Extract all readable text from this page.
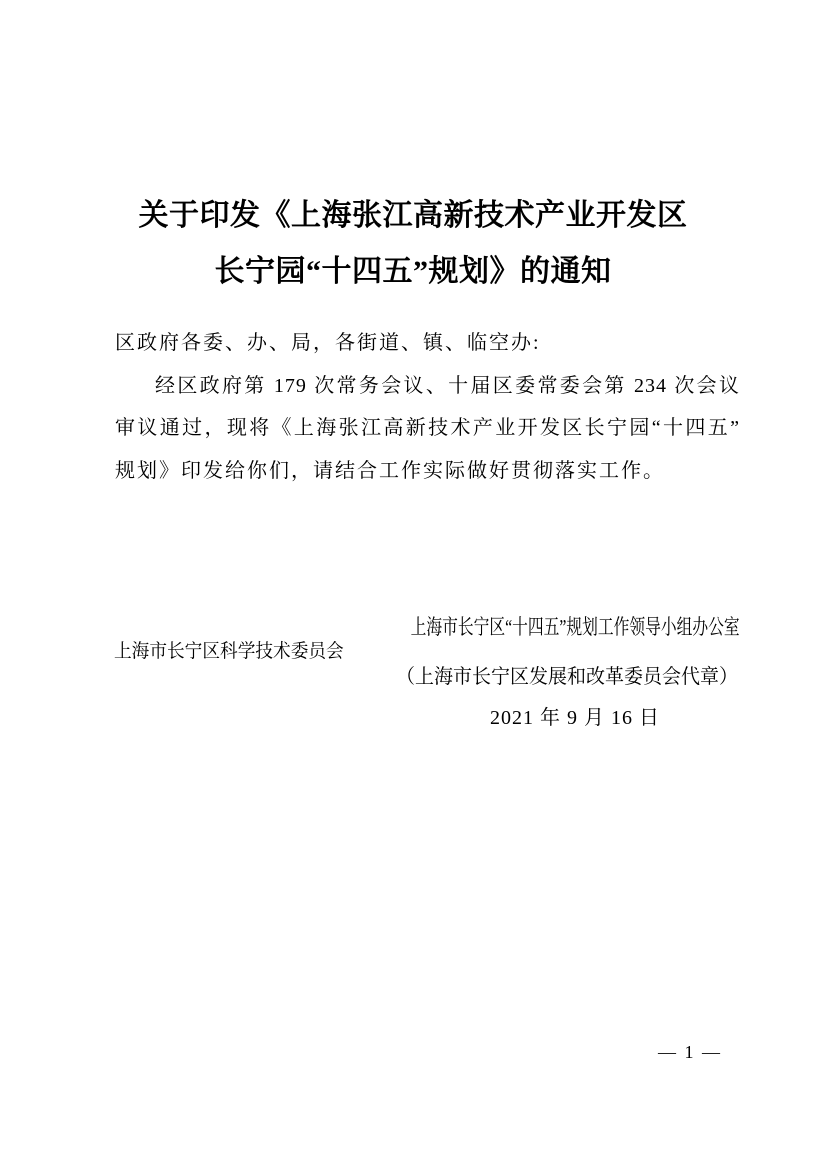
关于印发《上海张江高新技术产业开发区
长宁园“十四五”规划》的通知
区政府各委、办、局，各街道、镇、临空办:
经区政府第 179 次常务会议、十届区委常委会第 234 次会议
审议通过，现将《上海张江高新技术产业开发区长宁园“十四五”
规划》印发给你们，请结合工作实际做好贯彻落实工作。
上海市长宁区“十四五”规划工作领导小组办公室
上海市长宁区科学技术委员会
（上海市长宁区发展和改革委员会代章）
2021 年 9 月 16 日
— 1 —
